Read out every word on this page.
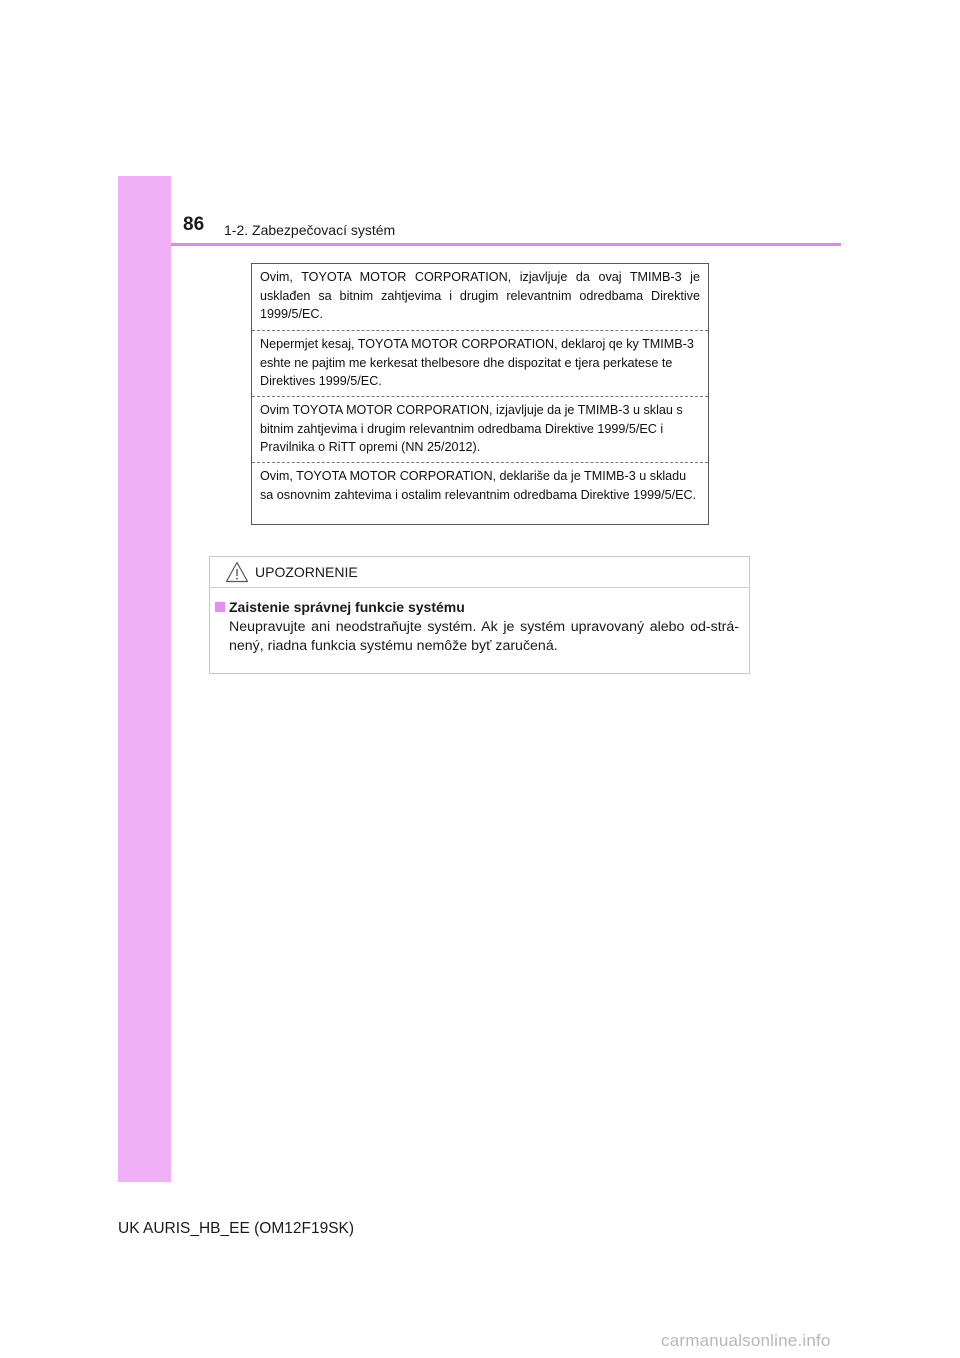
86 1-2. Zabezpečovací systém
Ovim, TOYOTA MOTOR CORPORATION, izjavljuje da ovaj TMIMB-3 je usklađen sa bitnim zahtjevima i drugim relevantnim odredbama Direktive 1999/5/EC.
Nepermjet kesaj, TOYOTA MOTOR CORPORATION, deklaroj qe ky TMIMB-3 eshte ne pajtim me kerkesat thelbesore dhe dispozitat e tjera perkatese te Direktives 1999/5/EC.
Ovim TOYOTA MOTOR CORPORATION, izjavljuje da je TMIMB-3 u sklau s bitnim zahtjevima i drugim relevantnim odredbama Direktive 1999/5/EC i Pravilnika o RiTT opremi (NN 25/2012).
Ovim, TOYOTA MOTOR CORPORATION, deklariše da je TMIMB-3 u skladu sa osnovnim zahtevima i ostalim relevantnim odredbama Direktive 1999/5/EC.
UPOZORNENIE
Zaistenie správnej funkcie systému
Neupravujte ani neodstraňujte systém. Ak je systém upravovaný alebo od-stránený, riadna funkcia systému nemôže byť zaručená.
UK AURIS_HB_EE (OM12F19SK)
carmanualsonline.info
